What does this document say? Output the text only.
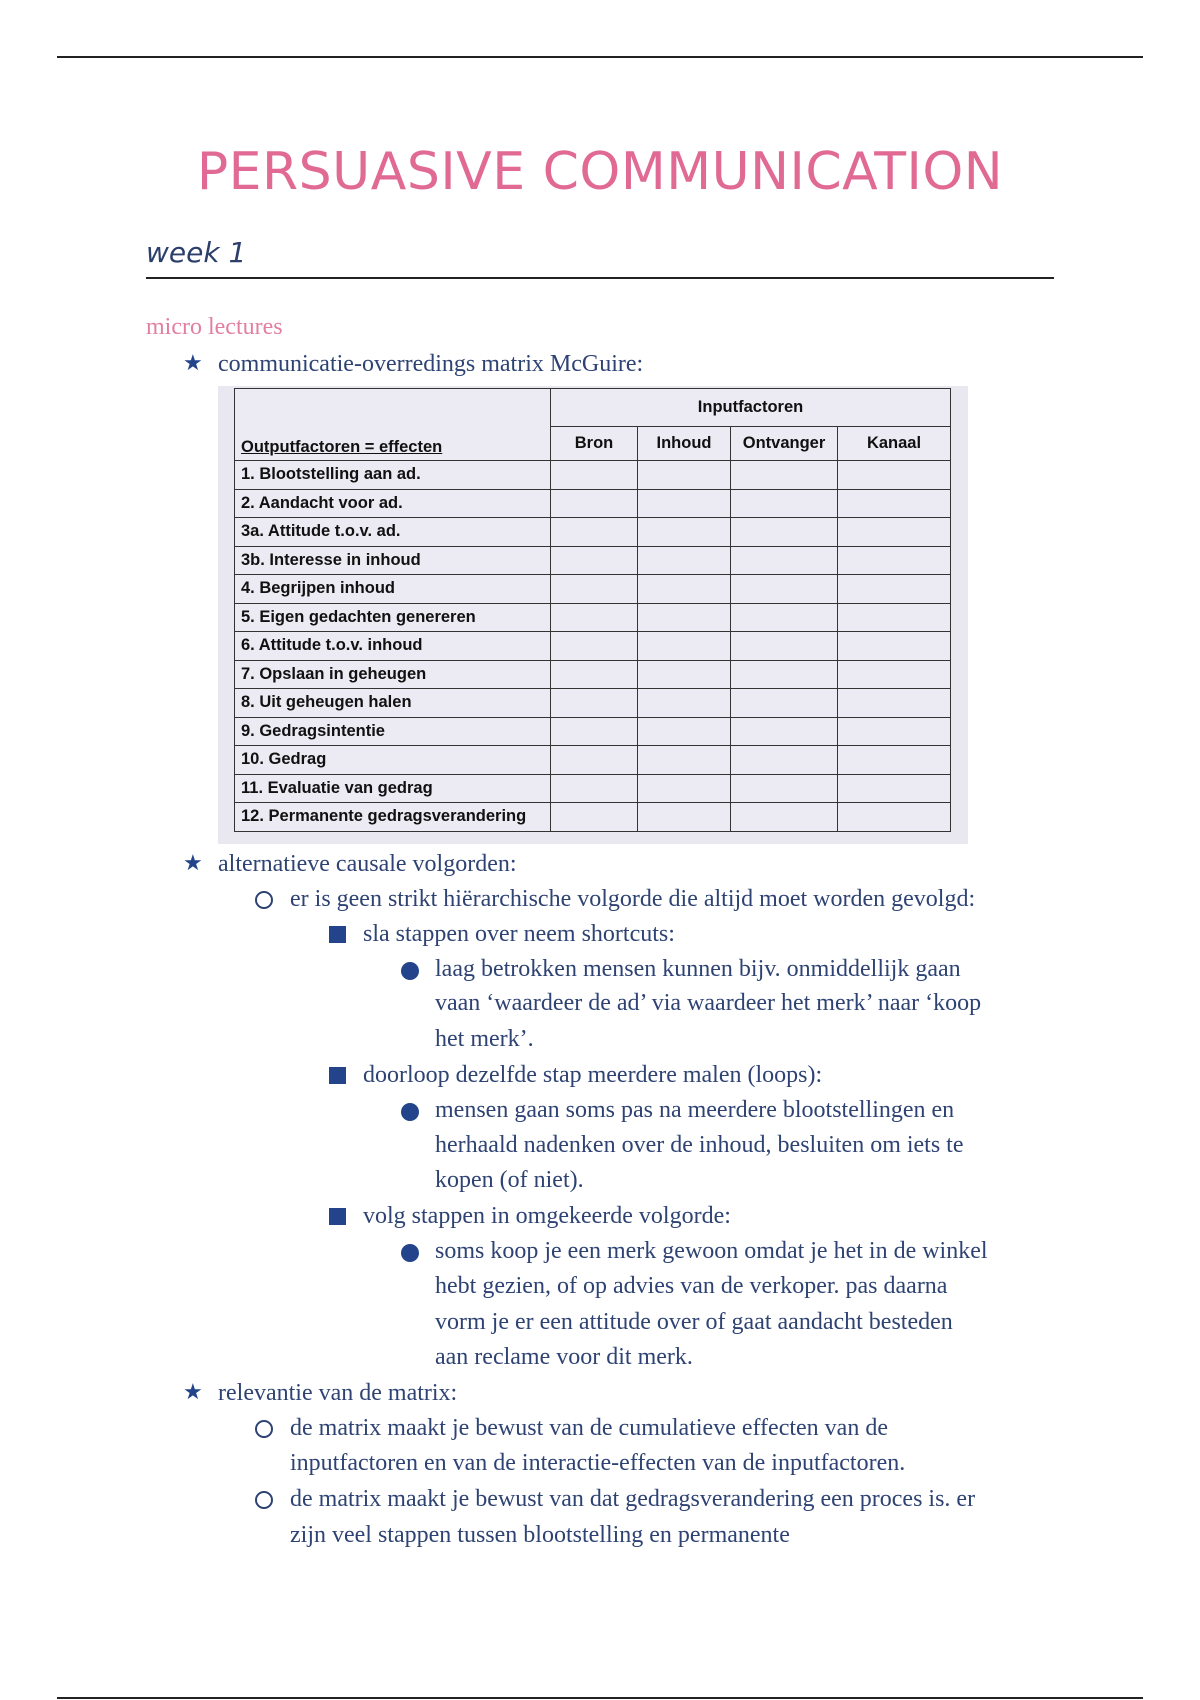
PERSUASIVE COMMUNICATION
week 1
micro lectures
★ communicatie-overredings matrix McGuire:
Outputfactoren = effecten	Inputfactoren			
	Bron	Inhoud	Ontvanger	Kanaal
1. Blootstelling aan ad.				
2. Aandacht voor ad.				
3a. Attitude t.o.v. ad.				
3b. Interesse in inhoud				
4. Begrijpen inhoud				
5. Eigen gedachten genereren				
6. Attitude t.o.v. inhoud				
7. Opslaan in geheugen				
8. Uit geheugen halen				
9. Gedragsintentie				
10. Gedrag				
11. Evaluatie van gedrag				
12. Permanente gedragsverandering				
★ alternatieve causale volgorden:
er is geen strikt hiërarchische volgorde die altijd moet worden gevolgd:
sla stappen over neem shortcuts:
laag betrokken mensen kunnen bijv. onmiddellijk gaan
vaan ‘waardeer de ad’ via waardeer het merk’ naar ‘koop
het merk’.
doorloop dezelfde stap meerdere malen (loops):
mensen gaan soms pas na meerdere blootstellingen en
herhaald nadenken over de inhoud, besluiten om iets te
kopen (of niet).
volg stappen in omgekeerde volgorde:
soms koop je een merk gewoon omdat je het in de winkel
hebt gezien, of op advies van de verkoper. pas daarna
vorm je er een attitude over of gaat aandacht besteden
aan reclame voor dit merk.
★ relevantie van de matrix:
de matrix maakt je bewust van de cumulatieve effecten van de
inputfactoren en van de interactie-effecten van de inputfactoren.
de matrix maakt je bewust van dat gedragsverandering een proces is. er
zijn veel stappen tussen blootstelling en permanente
